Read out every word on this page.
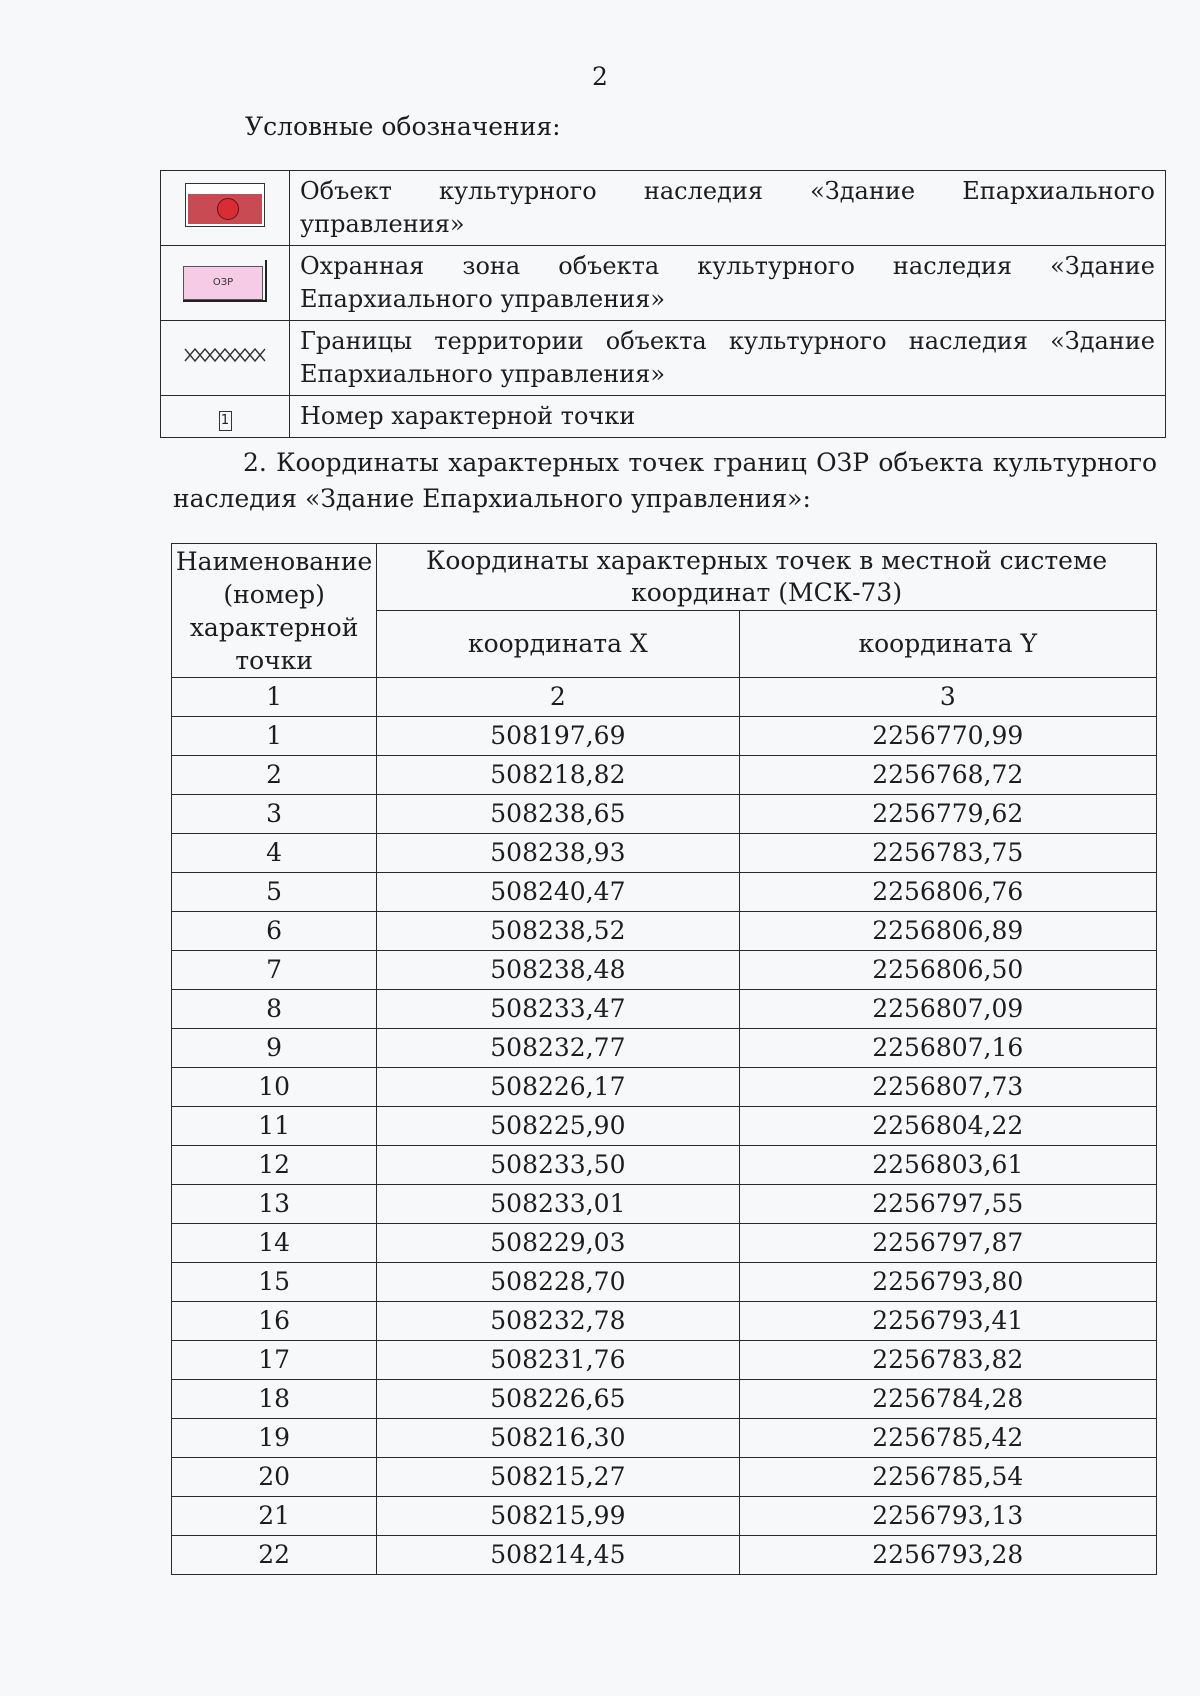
2
Условные обозначения:
	Объект культурного наследия «Здание Епархиального управления»

ОЗР	Охранная зона объекта культурного наследия «Здание Епархиального управления»
	Границы территории объекта культурного наследия «Здание Епархиального управления»
1	Номер характерной точки
2. Координаты характерных точек границ ОЗР объекта культурного наследия «Здание Епархиального управления»:
Наименование (номер) характерной точки	Координаты характерных точек в местной системе координат (МСК-73)	
	координата X	координата Y
1	2	3
1	508197,69	2256770,99
2	508218,82	2256768,72
3	508238,65	2256779,62
4	508238,93	2256783,75
5	508240,47	2256806,76
6	508238,52	2256806,89
7	508238,48	2256806,50
8	508233,47	2256807,09
9	508232,77	2256807,16
10	508226,17	2256807,73
11	508225,90	2256804,22
12	508233,50	2256803,61
13	508233,01	2256797,55
14	508229,03	2256797,87
15	508228,70	2256793,80
16	508232,78	2256793,41
17	508231,76	2256783,82
18	508226,65	2256784,28
19	508216,30	2256785,42
20	508215,27	2256785,54
21	508215,99	2256793,13
22	508214,45	2256793,28
